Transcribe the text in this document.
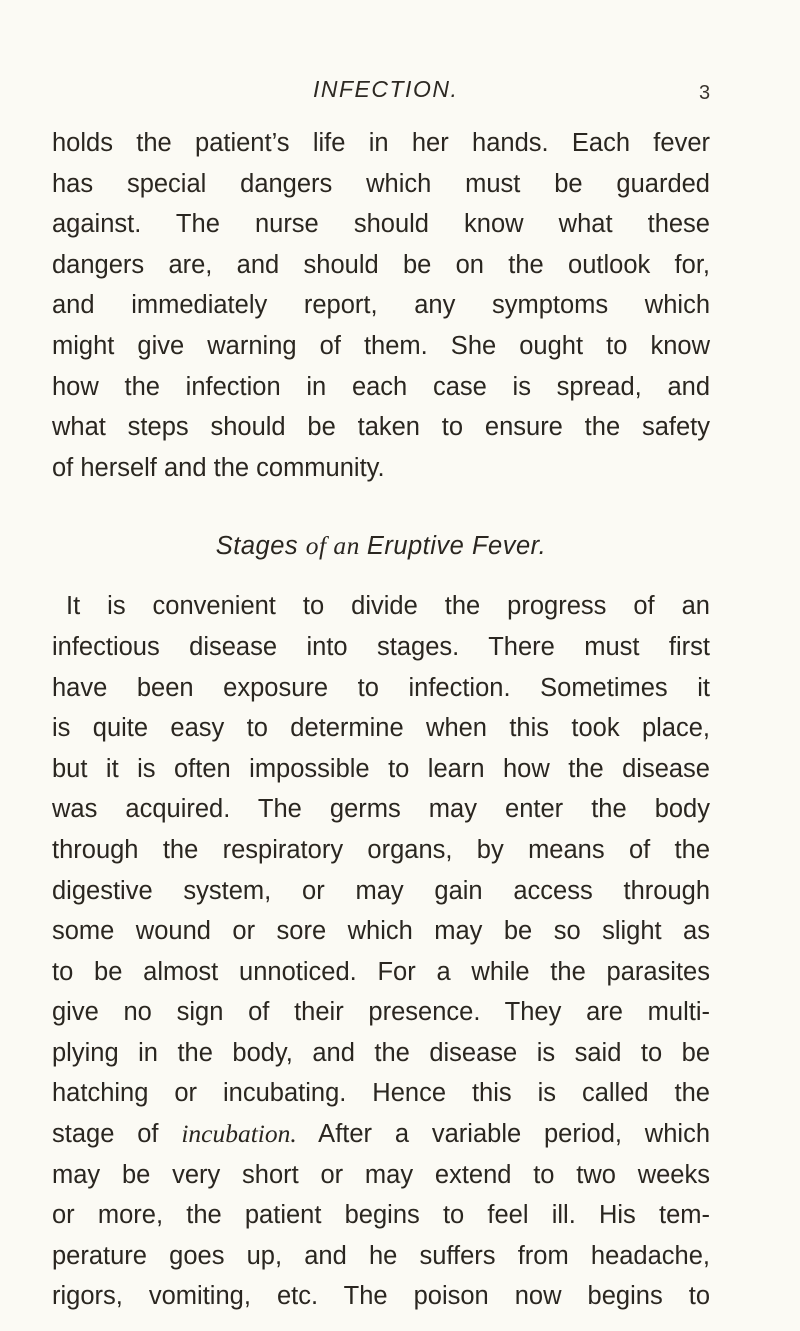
INFECTION.	3
holds the patient’s life in her hands. Each fever
has special dangers which must be guarded
against. The nurse should know what these
dangers are, and should be on the outlook for,
and immediately report, any symptoms which
might give warning of them. She ought to know
how the infection in each case is spread, and
what steps should be taken to ensure the safety
of herself and the community.
Stages of an Eruptive Fever.
It is convenient to divide the progress of an
infectious disease into stages. There must first
have been exposure to infection. Sometimes it
is quite easy to determine when this took place,
but it is often impossible to learn how the disease
was acquired. The germs may enter the body
through the respiratory organs, by means of the
digestive system, or may gain access through
some wound or sore which may be so slight as
to be almost unnoticed. For a while the parasites
give no sign of their presence. They are multi-
plying in the body, and the disease is said to be
hatching or incubating. Hence this is called the
stage of incubation. After a variable period, which
may be very short or may extend to two weeks
or more, the patient begins to feel ill. His tem-
perature goes up, and he suffers from headache,
rigors, vomiting, etc. The poison now begins to
